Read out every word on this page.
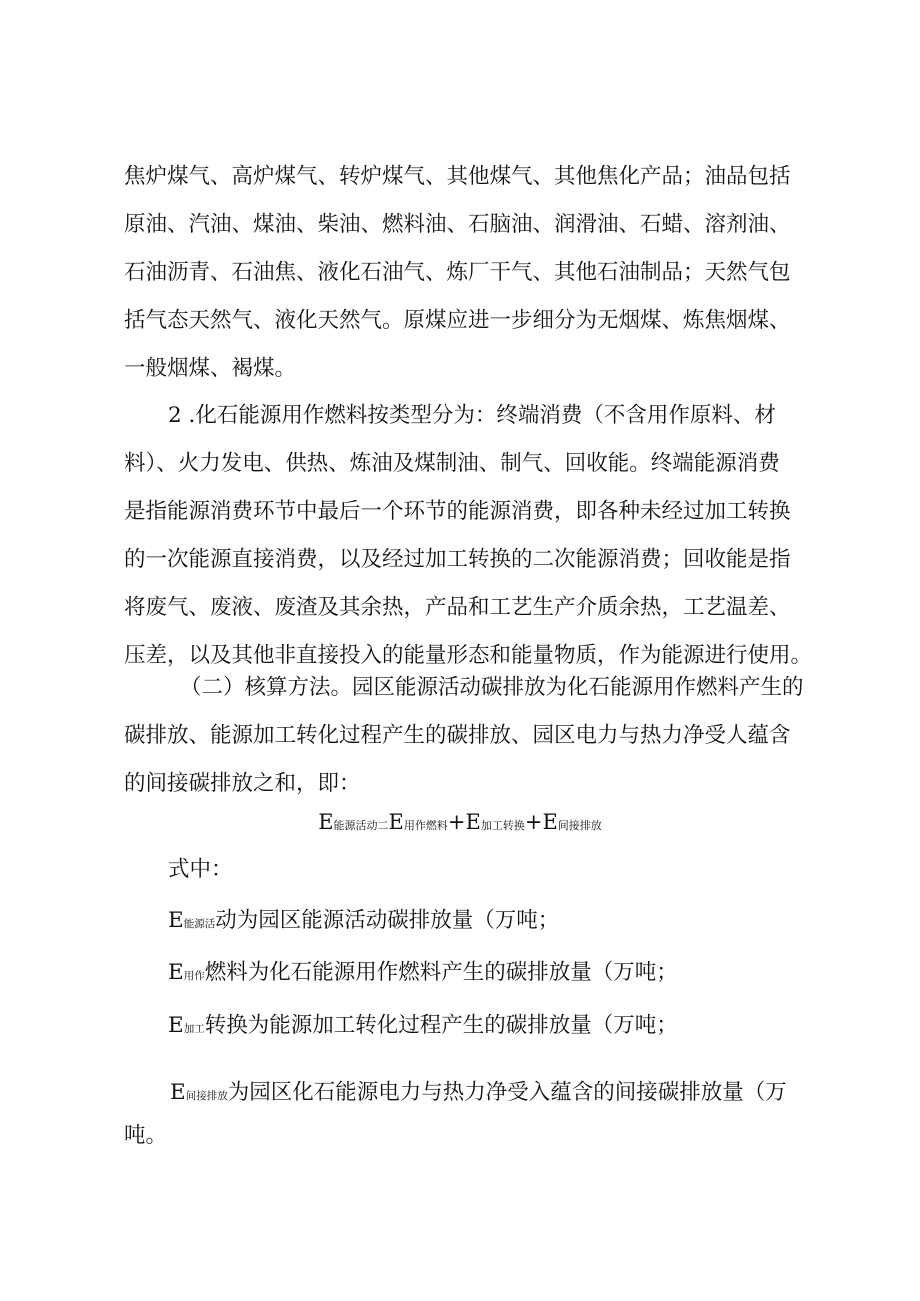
焦炉煤气、高炉煤气、转炉煤气、其他煤气、其他焦化产品；油品包括
原油、汽油、煤油、柴油、燃料油、石脑油、润滑油、石蜡、溶剂油、
石油沥青、石油焦、液化石油气、炼厂干气、其他石油制品；天然气包
括气态天然气、液化天然气。原煤应进一步细分为无烟煤、炼焦烟煤、
一般烟煤、褐煤。

2 .化石能源用作燃料按类型分为：终端消费（不含用作原料、材
料）、火力发电、供热、炼油及煤制油、制气、回收能。终端能源消费
是指能源消费环节中最后一个环节的能源消费，即各种未经过加工转换
的一次能源直接消费，以及经过加工转换的二次能源消费；回收能是指
将废气、废液、废渣及其余热，产品和工艺生产介质余热，工艺温差、
压差，以及其他非直接投入的能量形态和能量物质，作为能源进行使用。

（二）核算方法。园区能源活动碳排放为化石能源用作燃料产生的
碳排放、能源加工转化过程产生的碳排放、园区电力与热力净受人蕴含
的间接碳排放之和，即：

E能源活动二E用作燃料+E加工转换+E间接排放
式中：
E能源活动为园区能源活动碳排放量（万吨；
E用作燃料为化石能源用作燃料产生的碳排放量（万吨；
E加工转换为能源加工转化过程产生的碳排放量（万吨；
E间接排放为园区化石能源电力与热力净受入蕴含的间接碳排放量（万
吨。
